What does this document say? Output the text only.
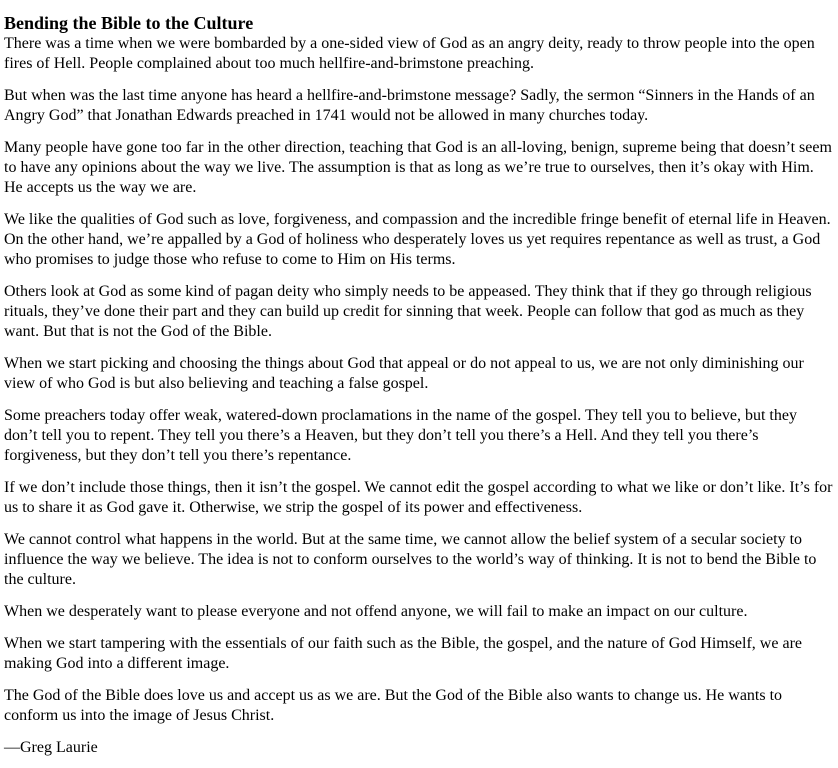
Bending the Bible to the Culture

There was a time when we were bombarded by a one-sided view of God as an angry deity, ready to throw people into the open fires of Hell. People complained about too much hellfire-and-brimstone preaching.

But when was the last time anyone has heard a hellfire-and-brimstone message? Sadly, the sermon “Sinners in the Hands of an Angry God” that Jonathan Edwards preached in 1741 would not be allowed in many churches today.

Many people have gone too far in the other direction, teaching that God is an all-loving, benign, supreme being that doesn’t seem to have any opinions about the way we live. The assumption is that as long as we’re true to ourselves, then it’s okay with Him. He accepts us the way we are.

We like the qualities of God such as love, forgiveness, and compassion and the incredible fringe benefit of eternal life in Heaven. On the other hand, we’re appalled by a God of holiness who desperately loves us yet requires repentance as well as trust, a God who promises to judge those who refuse to come to Him on His terms.

Others look at God as some kind of pagan deity who simply needs to be appeased. They think that if they go through religious rituals, they’ve done their part and they can build up credit for sinning that week. People can follow that god as much as they want. But that is not the God of the Bible.

When we start picking and choosing the things about God that appeal or do not appeal to us, we are not only diminishing our view of who God is but also believing and teaching a false gospel.

Some preachers today offer weak, watered-down proclamations in the name of the gospel. They tell you to believe, but they don’t tell you to repent. They tell you there’s a Heaven, but they don’t tell you there’s a Hell. And they tell you there’s forgiveness, but they don’t tell you there’s repentance.

If we don’t include those things, then it isn’t the gospel. We cannot edit the gospel according to what we like or don’t like. It’s for us to share it as God gave it. Otherwise, we strip the gospel of its power and effectiveness.

We cannot control what happens in the world. But at the same time, we cannot allow the belief system of a secular society to influence the way we believe. The idea is not to conform ourselves to the world’s way of thinking. It is not to bend the Bible to the culture.

When we desperately want to please everyone and not offend anyone, we will fail to make an impact on our culture.

When we start tampering with the essentials of our faith such as the Bible, the gospel, and the nature of God Himself, we are making God into a different image.

The God of the Bible does love us and accept us as we are. But the God of the Bible also wants to change us. He wants to conform us into the image of Jesus Christ.

—Greg Laurie
